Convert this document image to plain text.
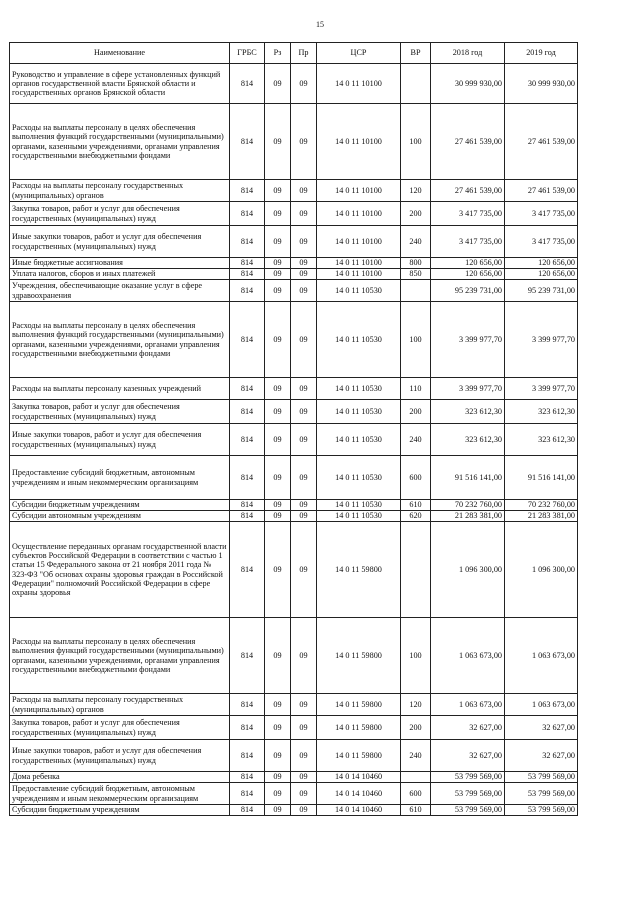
15
Наименование	ГРБС	Рз	Пр	ЦСР	ВР	2018 год	2019 год
Руководство и управление в сфере установленных функций органов государственной власти Брянской области и государственных органов Брянской области	814	09	09	14 0 11 10100		30 999 930,00	30 999 930,00
Расходы на выплаты персоналу в целях обеспечения выполнения функций государственными (муниципальными) органами, казенными учреждениями, органами управления государственными внебюджетными фондами	814	09	09	14 0 11 10100	100	27 461 539,00	27 461 539,00
Расходы на выплаты персоналу государственных (муниципальных) органов	814	09	09	14 0 11 10100	120	27 461 539,00	27 461 539,00
Закупка товаров, работ и услуг для обеспечения государственных (муниципальных) нужд	814	09	09	14 0 11 10100	200	3 417 735,00	3 417 735,00
Иные закупки товаров, работ и услуг для обеспечения государственных (муниципальных) нужд	814	09	09	14 0 11 10100	240	3 417 735,00	3 417 735,00
Иные бюджетные ассигнования	814	09	09	14 0 11 10100	800	120 656,00	120 656,00
Уплата налогов, сборов и иных платежей	814	09	09	14 0 11 10100	850	120 656,00	120 656,00
Учреждения, обеспечивающие оказание услуг в сфере здравоохранения	814	09	09	14 0 11 10530		95 239 731,00	95 239 731,00
Расходы на выплаты персоналу в целях обеспечения выполнения функций государственными (муниципальными) органами, казенными учреждениями, органами управления государственными внебюджетными фондами	814	09	09	14 0 11 10530	100	3 399 977,70	3 399 977,70
Расходы на выплаты персоналу казенных учреждений	814	09	09	14 0 11 10530	110	3 399 977,70	3 399 977,70
Закупка товаров, работ и услуг для обеспечения государственных (муниципальных) нужд	814	09	09	14 0 11 10530	200	323 612,30	323 612,30
Иные закупки товаров, работ и услуг для обеспечения государственных (муниципальных) нужд	814	09	09	14 0 11 10530	240	323 612,30	323 612,30
Предоставление субсидий бюджетным, автономным учреждениям и иным некоммерческим организациям	814	09	09	14 0 11 10530	600	91 516 141,00	91 516 141,00
Субсидии бюджетным учреждениям	814	09	09	14 0 11 10530	610	70 232 760,00	70 232 760,00
Субсидии автономным учреждениям	814	09	09	14 0 11 10530	620	21 283 381,00	21 283 381,00
Осуществление переданных органам государственной власти субъектов Российской Федерации в соответствии с частью 1 статьи 15 Федерального закона от 21 ноября 2011 года № 323-ФЗ "Об основах охраны здоровья граждан в Российской Федерации" полномочий Российской Федерации в сфере охраны здоровья	814	09	09	14 0 11 59800		1 096 300,00	1 096 300,00
Расходы на выплаты персоналу в целях обеспечения выполнения функций государственными (муниципальными) органами, казенными учреждениями, органами управления государственными внебюджетными фондами	814	09	09	14 0 11 59800	100	1 063 673,00	1 063 673,00
Расходы на выплаты персоналу государственных (муниципальных) органов	814	09	09	14 0 11 59800	120	1 063 673,00	1 063 673,00
Закупка товаров, работ и услуг для обеспечения государственных (муниципальных) нужд	814	09	09	14 0 11 59800	200	32 627,00	32 627,00
Иные закупки товаров, работ и услуг для обеспечения государственных (муниципальных) нужд	814	09	09	14 0 11 59800	240	32 627,00	32 627,00
Дома ребенка	814	09	09	14 0 14 10460		53 799 569,00	53 799 569,00
Предоставление субсидий бюджетным, автономным учреждениям и иным некоммерческим организациям	814	09	09	14 0 14 10460	600	53 799 569,00	53 799 569,00
Субсидии бюджетным учреждениям	814	09	09	14 0 14 10460	610	53 799 569,00	53 799 569,00
